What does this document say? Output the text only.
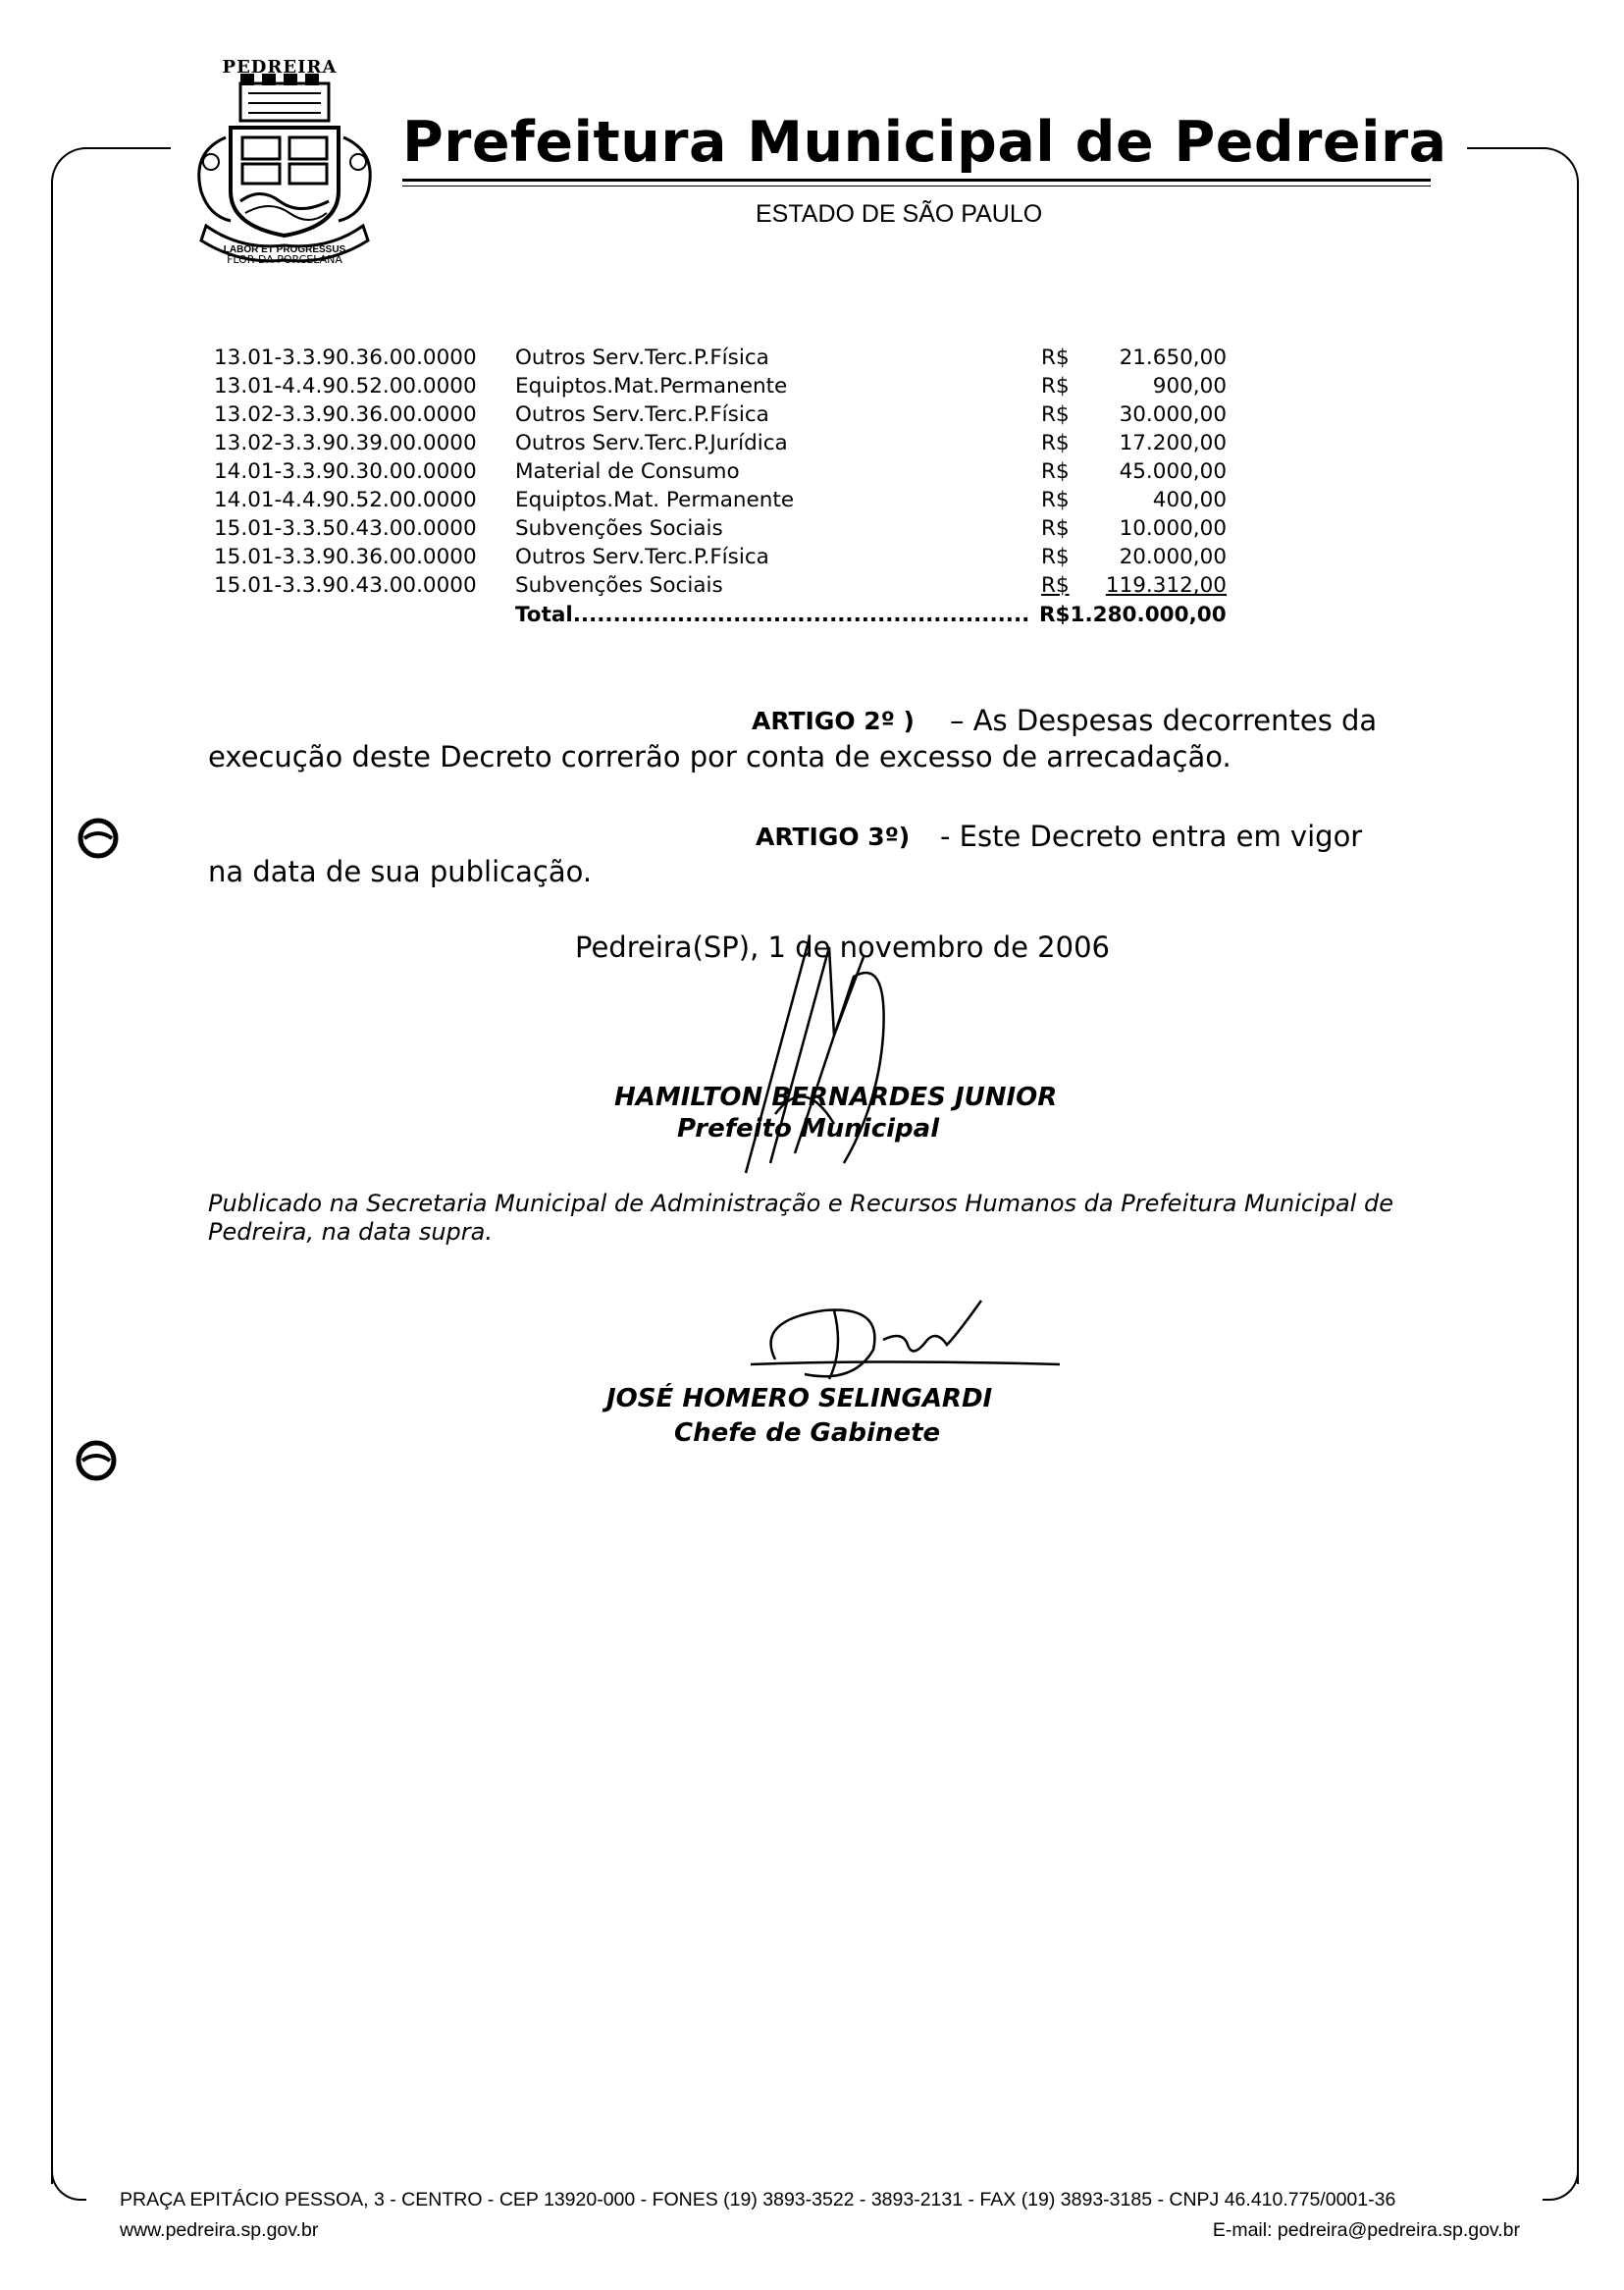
LABOR ET PROGRESSUS
PEDREIRA
FLOR DA PORCELANA
Prefeitura Municipal de Pedreira
ESTADO DE SÃO PAULO
13.01-3.3.90.36.00.0000 Outros Serv.Terc.P.Física	R$ 21.650,00
13.01-4.4.90.52.00.0000 Equiptos.Mat.Permanente	R$	900,00
13.02-3.3.90.36.00.0000 Outros Serv.Terc.P.Física	R$ 30.000,00
13.02-3.3.90.39.00.0000 Outros Serv.Terc.P.Jurídica	R$ 17.200,00
14.01-3.3.90.30.00.0000 Material de Consumo	R$ 45.000,00
14.01-4.4.90.52.00.0000 Equiptos.Mat. Permanente	R$	400,00
15.01-3.3.50.43.00.0000 Subvenções Sociais	R$ 10.000,00
15.01-3.3.90.36.00.0000 Outros Serv.Terc.P.Física	R$ 20.000,00
15.01-3.3.90.43.00.0000 Subvenções Sociais	R$ 119.312,00
Total......................................................... R$1.280.000,00
ARTIGO 2º ) – As Despesas decorrentes da
execução deste Decreto correrão por conta de excesso de arrecadação.
ARTIGO 3º) - Este Decreto entra em vigor
na data de sua publicação.
Pedreira(SP), 1 de novembro de 2006
HAMILTON BERNARDES JUNIOR
Prefeito Municipal
Publicado na Secretaria Municipal de Administração e Recursos Humanos da Prefeitura Municipal de
Pedreira, na data supra.
JOSÉ HOMERO SELINGARDI
Chefe de Gabinete
PRAÇA EPITÁCIO PESSOA, 3 - CENTRO - CEP 13920-000 - FONES (19) 3893-3522 - 3893-2131 - FAX (19) 3893-3185 - CNPJ 46.410.775/0001-36
www.pedreira.sp.gov.br	E-mail: pedreira@pedreira.sp.gov.br
